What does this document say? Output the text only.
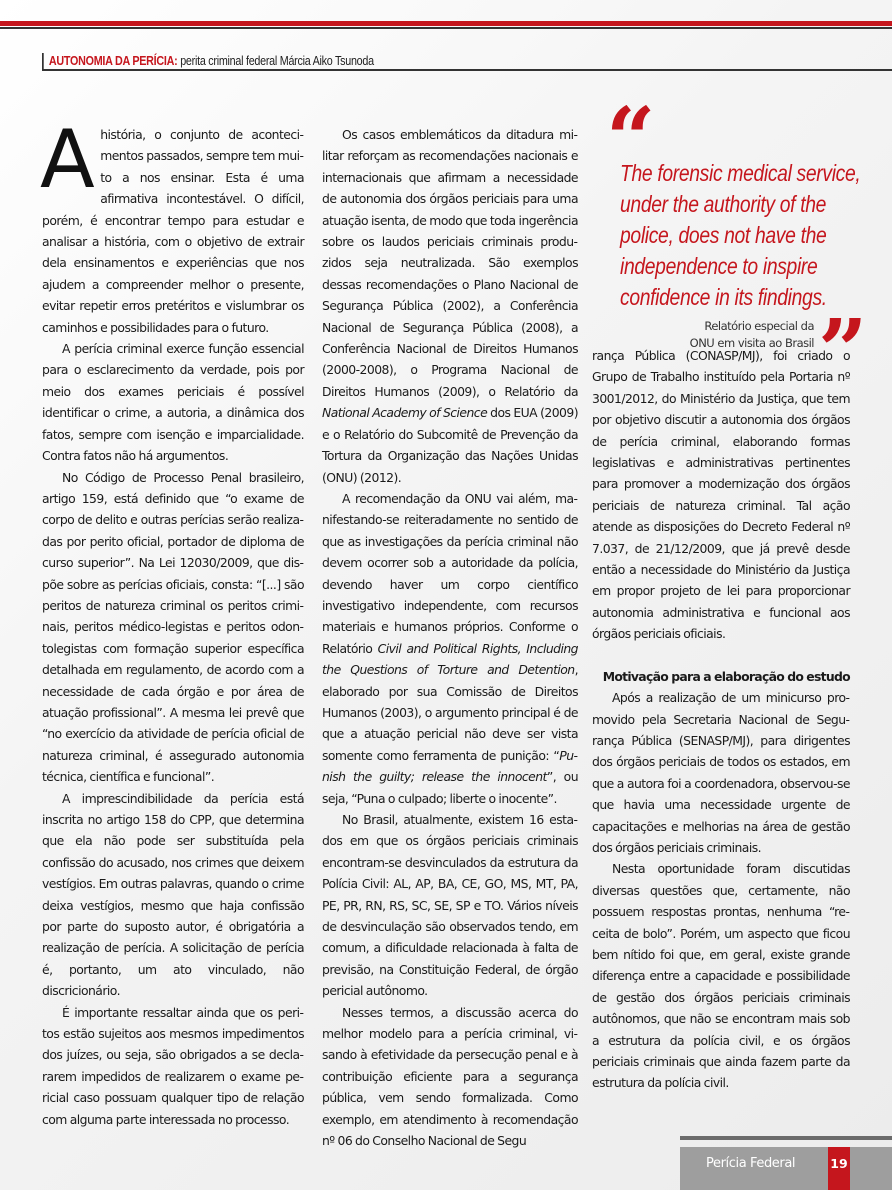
AUTONOMIA DA PERÍCIA: perita criminal federal Márcia Aiko Tsunoda

Ahistória, o conjunto de acontecimentos passados, sempre tem muito a nos ensinar. Esta é uma afirmativa incontestável. O difícil, porém, é encontrar tempo para estudar e analisar a história, com o objetivo de extrair dela ensinamentos e experiências que nos ajudem a compreender melhor o presente, evitar repetir erros pretéritos e vislumbrar os caminhos e possibilidades para o futuro.

A perícia criminal exerce função essencial para o esclarecimento da verdade, pois por meio dos exames periciais é possível identificar o crime, a autoria, a dinâmica dos fatos, sempre com isenção e imparcialidade. Contra fatos não há argumentos.

No Código de Processo Penal brasileiro, artigo 159, está definido que “o exame de corpo de delito e outras perícias serão realizadas por perito oficial, portador de diploma de curso superior”. Na Lei 12030/2009, que dispõe sobre as perícias oficiais, consta: “[...] são peritos de natureza criminal os peritos criminais, peritos médico-legistas e peritos odontolegistas com formação superior específica detalhada em regulamento, de acordo com a necessidade de cada órgão e por área de atuação profissional”. A mesma lei prevê que “no exercício da atividade de perícia oficial de natureza criminal, é assegurado autonomia técnica, científica e funcional”.

A imprescindibilidade da perícia está inscrita no artigo 158 do CPP, que determina que ela não pode ser substituída pela confissão do acusado, nos crimes que deixem vestígios. Em outras palavras, quando o crime deixa vestígios, mesmo que haja confissão por parte do suposto autor, é obrigatória a realização de perícia. A solicitação de perícia é, portanto, um ato vinculado, não discricionário.

É importante ressaltar ainda que os peritos estão sujeitos aos mesmos impedimentos dos juízes, ou seja, são obrigados a se declararem impedidos de realizarem o exame pericial caso possuam qualquer tipo de relação com alguma parte interessada no processo.

Os casos emblemáticos da ditadura militar reforçam as recomendações nacionais e internacionais que afirmam a necessidade de autonomia dos órgãos periciais para uma atuação isenta, de modo que toda ingerência sobre os laudos periciais criminais produzidos seja neutralizada. São exemplos dessas recomendações o Plano Nacional de Segurança Pública (2002), a Conferência Nacional de Segurança Pública (2008), a Conferência Nacional de Direitos Humanos (2000-2008), o Programa Nacional de Direitos Humanos (2009), o Relatório da National Academy of Science dos EUA (2009) e o Relatório do Subcomitê de Prevenção da Tortura da Organização das Nações Unidas (ONU) (2012).

A recomendação da ONU vai além, manifestando-se reiteradamente no sentido de que as investigações da perícia criminal não devem ocorrer sob a autoridade da polícia, devendo haver um corpo científico investigativo independente, com recursos materiais e humanos próprios. Conforme o Relatório Civil and Political Rights, Including the Questions of Torture and Detention, elaborado por sua Comissão de Direitos Humanos (2003), o argumento principal é de que a atuação pericial não deve ser vista somente como ferramenta de punição: “Punish the guilty; release the innocent”, ou seja, “Puna o culpado; liberte o inocente”.

No Brasil, atualmente, existem 16 estados em que os órgãos periciais criminais encontram-se desvinculados da estrutura da Polícia Civil: AL, AP, BA, CE, GO, MS, MT, PA, PE, PR, RN, RS, SC, SE, SP e TO. Vários níveis de desvinculação são observados tendo, em comum, a dificuldade relacionada à falta de previsão, na Constituição Federal, de órgão pericial autônomo.

Nesses termos, a discussão acerca do melhor modelo para a perícia criminal, visando à efetividade da persecução penal e à contribuição eficiente para a segurança pública, vem sendo formalizada. Como exemplo, em atendimento à recomendação nº 06 do Conselho Nacional de Segu

“
The forensic medical service, under the authority of the police, does not have the independence to inspire confidence in its findings.
Relatório especial da
ONU em visita ao Brasil ”

rança Pública (CONASP/MJ), foi criado o Grupo de Trabalho instituído pela Portaria nº 3001/2012, do Ministério da Justiça, que tem por objetivo discutir a autonomia dos órgãos de perícia criminal, elaborando formas legislativas e administrativas pertinentes para promover a modernização dos órgãos periciais de natureza criminal. Tal ação atende as disposições do Decreto Federal nº 7.037, de 21/12/2009, que já prevê desde então a necessidade do Ministério da Justiça em propor projeto de lei para proporcionar autonomia administrativa e funcional aos órgãos periciais oficiais.

Motivação para a elaboração do estudo

Após a realização de um minicurso promovido pela Secretaria Nacional de Segurança Pública (SENASP/MJ), para dirigentes dos órgãos periciais de todos os estados, em que a autora foi a coordenadora, observou-se que havia uma necessidade urgente de capacitações e melhorias na área de gestão dos órgãos periciais criminais.

Nesta oportunidade foram discutidas diversas questões que, certamente, não possuem respostas prontas, nenhuma “receita de bolo”. Porém, um aspecto que ficou bem nítido foi que, em geral, existe grande diferença entre a capacidade e possibilidade de gestão dos órgãos periciais criminais autônomos, que não se encontram mais sob a estrutura da polícia civil, e os órgãos periciais criminais que ainda fazem parte da estrutura da polícia civil.

Perícia Federal	19
